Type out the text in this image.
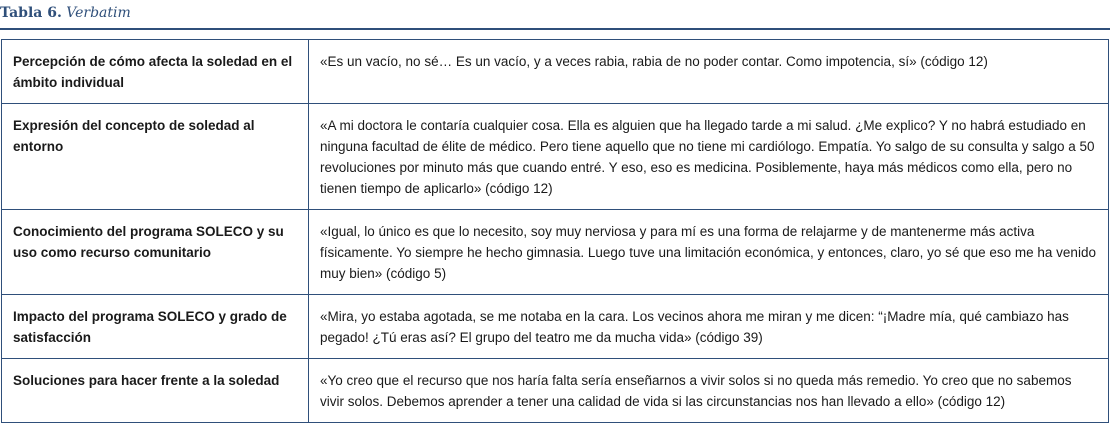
Tabla 6. Verbatim
Percepción de cómo afecta la soledad en el ámbito individual	«Es un vacío, no sé… Es un vacío, y a veces rabia, rabia de no poder contar. Como impotencia, sí» (código 12)
Expresión del concepto de soledad al entorno	«A mi doctora le contaría cualquier cosa. Ella es alguien que ha llegado tarde a mi salud. ¿Me explico? Y no habrá estudiado en ninguna facultad de élite de médico. Pero tiene aquello que no tiene mi cardiólogo. Empatía. Yo salgo de su consulta y salgo a 50 revoluciones por minuto más que cuando entré. Y eso, eso es medicina. Posiblemente, haya más médicos como ella, pero no tienen tiempo de aplicarlo» (código 12)
Conocimiento del programa SOLECO y su uso como recurso comunitario	«Igual, lo único es que lo necesito, soy muy nerviosa y para mí es una forma de relajarme y de mantenerme más activa físicamente. Yo siempre he hecho gimnasia. Luego tuve una limitación económica, y entonces, claro, yo sé que eso me ha venido muy bien» (código 5)
Impacto del programa SOLECO y grado de satisfacción	«Mira, yo estaba agotada, se me notaba en la cara. Los vecinos ahora me miran y me dicen: “¡Madre mía, qué cambiazo has pegado! ¿Tú eras así? El grupo del teatro me da mucha vida» (código 39)
Soluciones para hacer frente a la soledad	«Yo creo que el recurso que nos haría falta sería enseñarnos a vivir solos si no queda más remedio. Yo creo que no sabemos vivir solos. Debemos aprender a tener una calidad de vida si las circunstancias nos han llevado a ello» (código 12)
